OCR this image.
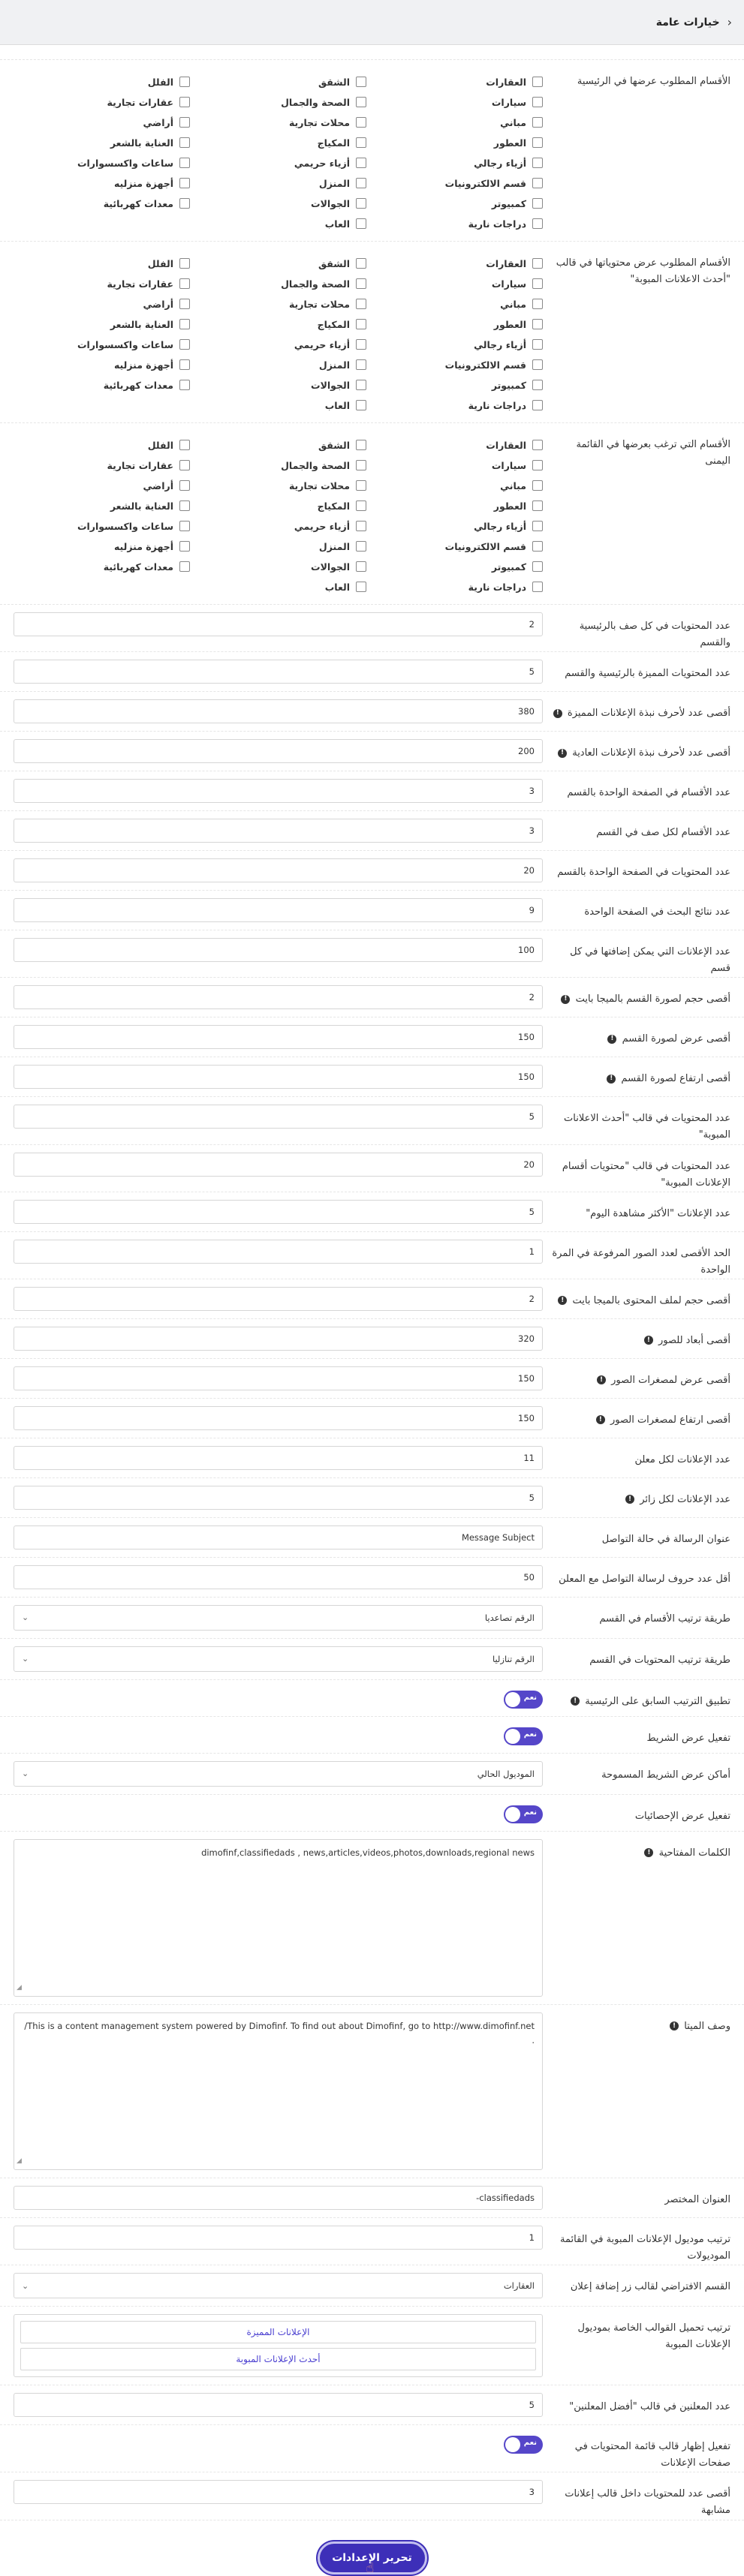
‹
خيارات عامة
الأقسام المطلوب عرضها في الرئيسية
العقارات
الشقق
الفلل
سيارات
الصحة والجمال
عقارات تجارية
مباني
محلات تجارية
أراضي
العطور
المكياج
العناية بالشعر
أزياء رجالي
أزياء حريمي
ساعات واكسسوارات
قسم الالكترونيات
المنزل
أجهزة منزليه
كمبيوتر
الجوالات
معدات كهربائية
دراجات نارية
العاب
الأقسام المطلوب عرض محتوياتها في قالب "أحدث الاعلانات المبوبة"
العقارات
الشقق
الفلل
سيارات
الصحة والجمال
عقارات تجارية
مباني
محلات تجارية
أراضي
العطور
المكياج
العناية بالشعر
أزياء رجالي
أزياء حريمي
ساعات واكسسوارات
قسم الالكترونيات
المنزل
أجهزة منزليه
كمبيوتر
الجوالات
معدات كهربائية
دراجات نارية
العاب
الأقسام التي ترغب بعرضها في القائمة اليمنى
العقارات
الشقق
الفلل
سيارات
الصحة والجمال
عقارات تجارية
مباني
محلات تجارية
أراضي
العطور
المكياج
العناية بالشعر
أزياء رجالي
أزياء حريمي
ساعات واكسسوارات
قسم الالكترونيات
المنزل
أجهزة منزليه
كمبيوتر
الجوالات
معدات كهربائية
دراجات نارية
العاب
عدد المحتويات في كل صف بالرئيسية والقسم
2
عدد المحتويات المميزة بالرئيسية والقسم
5
أقصى عدد لأحرف نبذة الإعلانات المميزة !
380
أقصى عدد لأحرف نبذة الإعلانات العادية !
200
عدد الأقسام في الصفحة الواحدة بالقسم
3
عدد الأقسام لكل صف في القسم
3
عدد المحتويات في الصفحة الواحدة بالقسم
20
عدد نتائج البحث في الصفحة الواحدة
9
عدد الإعلانات التي يمكن إضافتها في كل قسم
100
أقصى حجم لصورة القسم بالميجا بايت !
2
أقصى عرض لصورة القسم !
150
أقصى ارتفاع لصورة القسم !
150
عدد المحتويات في قالب "أحدث الاعلانات المبوبة"
5
عدد المحتويات في قالب "محتويات أقسام الإعلانات المبوبة"
20
عدد الإعلانات "الأكثر مشاهدة اليوم"
5
الحد الأقصى لعدد الصور المرفوعة في المرة الواحدة
1
أقصى حجم لملف المحتوى بالميجا بايت !
2
أقصى أبعاد للصور !
320
أقصى عرض لمصغرات الصور !
150
أقصى ارتفاع لمصغرات الصور !
150
عدد الإعلانات لكل معلن
11
عدد الإعلانات لكل زائر !
5
عنوان الرسالة في حالة التواصل
Message Subject
أقل عدد حروف لرسالة التواصل مع المعلن
50
طريقة ترتيب الأقسام في القسم
الرقم تصاعديا
⌄
طريقة ترتيب المحتويات في القسم
الرقم تنازليا
⌄
تطبيق الترتيب السابق على الرئيسية !
نعم
تفعيل عرض الشريط
نعم
أماكن عرض الشريط المسموحة
الموديول الحالي
⌄
تفعيل عرض الإحصائيات
نعم
الكلمات المفتاحية !
dimofinf,classifiedads , news,articles,videos,photos,downloads,regional news
◢
وصف الميتا !
This is a content management system powered by Dimofinf. To find out about Dimofinf, go to http://www.dimofinf.net/ .
◢
العنوان المختصر
classifiedads-
ترتيب موديول الإعلانات المبوبة في القائمة الموديولات
1
القسم الافتراضي لقالب زر إضافة إعلان
العقارات
⌄
ترتيب تحميل القوالب الخاصة بموديول الإعلانات المبوبة
الإعلانات المميزة
أحدث الإعلانات المبوبة
عدد المعلنين في قالب "أفضل المعلنين"
5
تفعيل إظهار قالب قائمة المحتويات في صفحات الإعلانات
نعم
أقصى عدد للمحتويات داخل قالب إعلانات مشابهة
3
تحرير الإعدادات
☝
